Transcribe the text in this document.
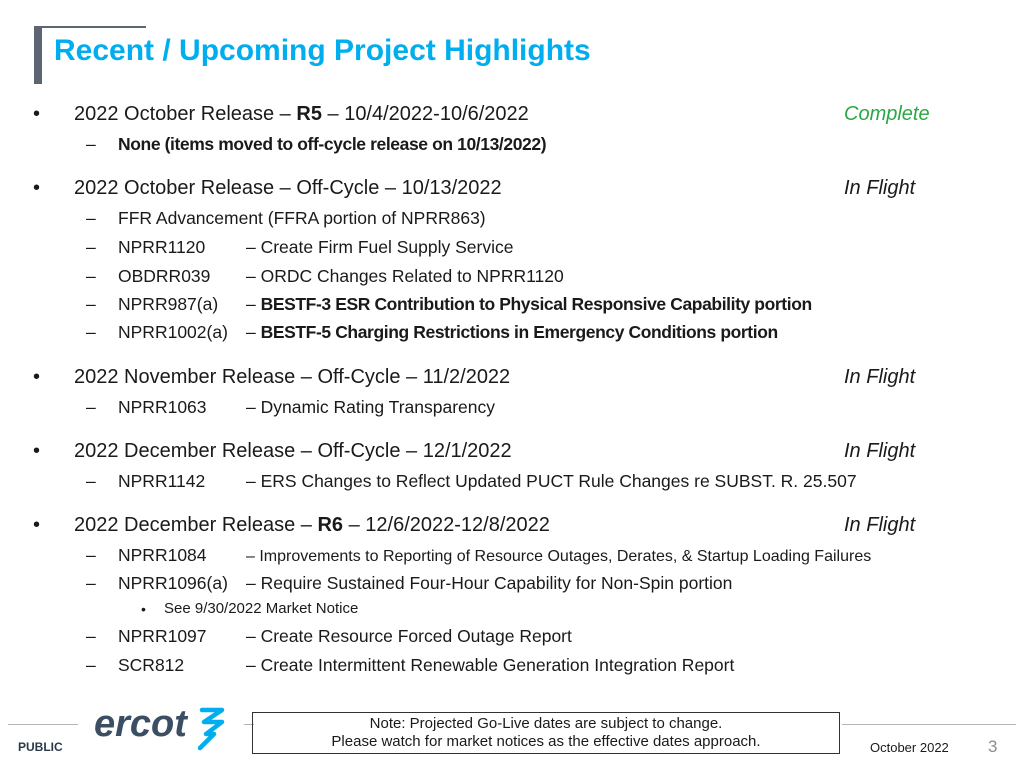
Recent / Upcoming Project Highlights
• 2022 October Release – R5 – 10/4/2022-10/6/2022	Complete
– None (items moved to off-cycle release on 10/13/2022)
• 2022 October Release – Off-Cycle – 10/13/2022	In Flight
– FFR Advancement (FFRA portion of NPRR863)
– NPRR1120 – Create Firm Fuel Supply Service
– OBDRR039 – ORDC Changes Related to NPRR1120
– NPRR987(a) – BESTF-3 ESR Contribution to Physical Responsive Capability portion
– NPRR1002(a) – BESTF-5 Charging Restrictions in Emergency Conditions portion
• 2022 November Release – Off-Cycle – 11/2/2022	In Flight
– NPRR1063 – Dynamic Rating Transparency
• 2022 December Release – Off-Cycle – 12/1/2022	In Flight
– NPRR1142 – ERS Changes to Reflect Updated PUCT Rule Changes re SUBST. R. 25.507
• 2022 December Release – R6 – 12/6/2022-12/8/2022	In Flight
– NPRR1084 – Improvements to Reporting of Resource Outages, Derates, & Startup Loading Failures
– NPRR1096(a) – Require Sustained Four-Hour Capability for Non-Spin portion
• See 9/30/2022 Market Notice
– NPRR1097 – Create Resource Forced Outage Report
– SCR812	– Create Intermittent Renewable Generation Integration Report
PUBLIC
ercot	Note: Projected Go-Live dates are subject to change.
Please watch for market notices as the effective dates approach.	October 2022 3
